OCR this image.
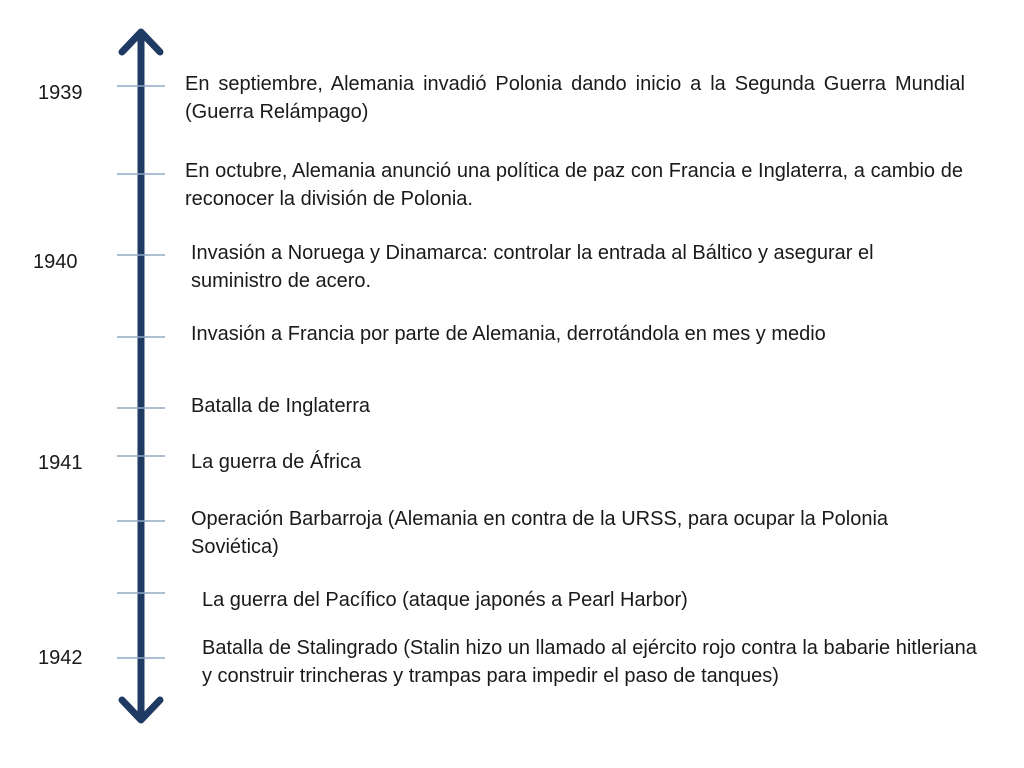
1939
1940
1941
1942

En septiembre, Alemania invadió Polonia dando inicio a la Segunda Guerra Mundial (Guerra Relámpago)

En octubre, Alemania anunció una política de paz con Francia e Inglaterra, a cambio de reconocer la división de Polonia.

Invasión a Noruega y Dinamarca: controlar la entrada al Báltico y asegurar el suministro de acero.

Invasión a Francia por parte de Alemania, derrotándola en mes y medio

Batalla de Inglaterra

La guerra de África

Operación Barbarroja (Alemania en contra de la URSS, para ocupar la Polonia Soviética)

La guerra del Pacífico (ataque japonés a Pearl Harbor)

Batalla de Stalingrado (Stalin hizo un llamado al ejército rojo contra la babarie hitleriana y construir trincheras y trampas para impedir el paso de tanques)
